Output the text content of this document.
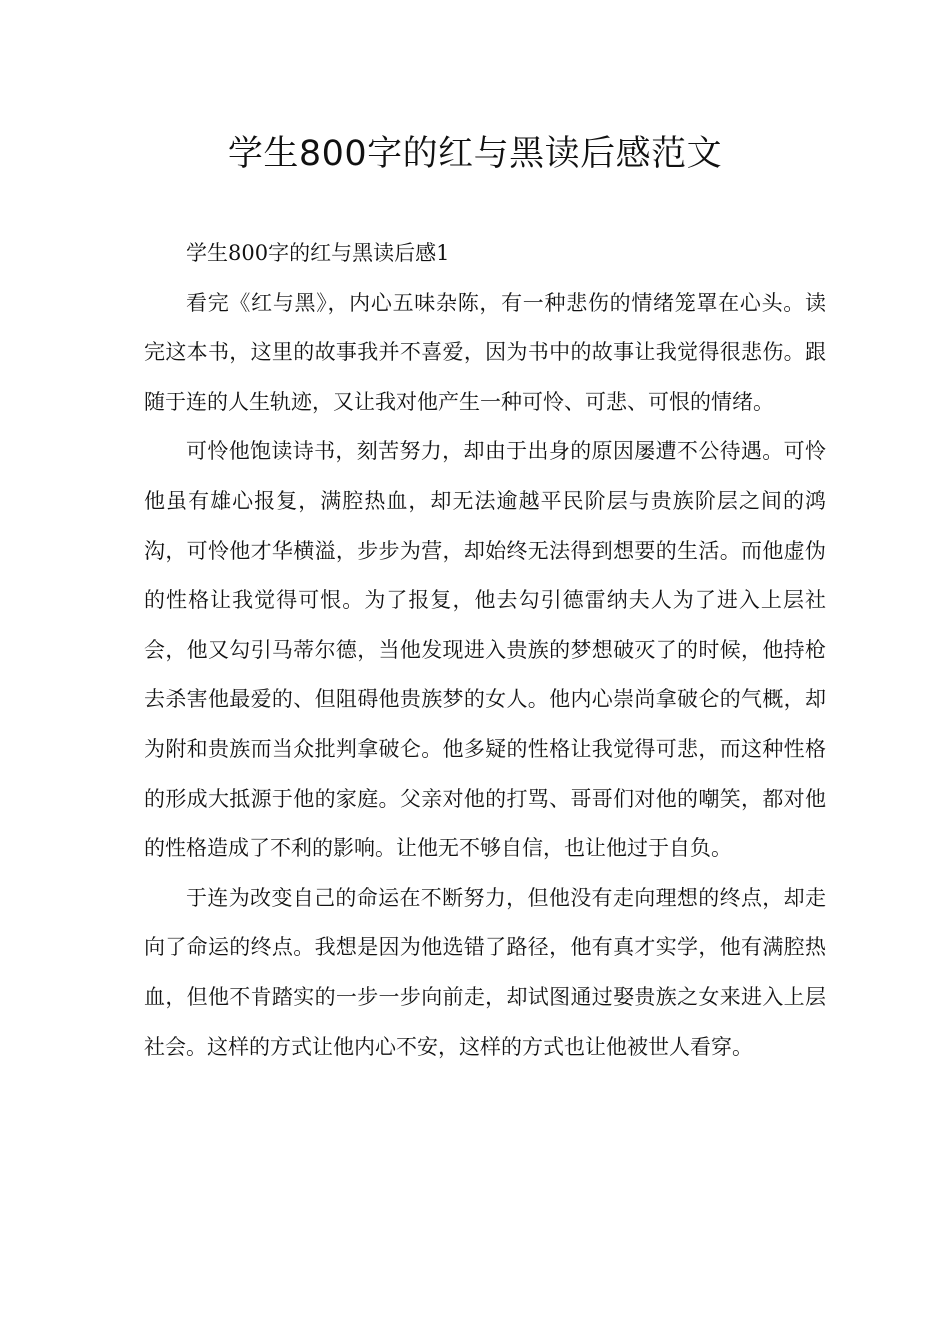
学生800字的红与黑读后感范文

学生800字的红与黑读后感1

看完《红与黑》，内心五味杂陈，有一种悲伤的情绪笼罩在心头。读完这本书，这里的故事我并不喜爱，因为书中的故事让我觉得很悲伤。跟随于连的人生轨迹，又让我对他产生一种可怜、可悲、可恨的情绪。

可怜他饱读诗书，刻苦努力，却由于出身的原因屡遭不公待遇。可怜他虽有雄心报复，满腔热血，却无法逾越平民阶层与贵族阶层之间的鸿沟，可怜他才华横溢，步步为营，却始终无法得到想要的生活。而他虚伪的性格让我觉得可恨。为了报复，他去勾引德雷纳夫人为了进入上层社会，他又勾引马蒂尔德，当他发现进入贵族的梦想破灭了的时候，他持枪去杀害他最爱的、但阻碍他贵族梦的女人。他内心崇尚拿破仑的气概，却为附和贵族而当众批判拿破仑。他多疑的性格让我觉得可悲，而这种性格的形成大抵源于他的家庭。父亲对他的打骂、哥哥们对他的嘲笑，都对他的性格造成了不利的影响。让他无不够自信，也让他过于自负。

于连为改变自己的命运在不断努力，但他没有走向理想的终点，却走向了命运的终点。我想是因为他选错了路径，他有真才实学，他有满腔热血，但他不肯踏实的一步一步向前走，却试图通过娶贵族之女来进入上层社会。这样的方式让他内心不安，这样的方式也让他被世人看穿。
